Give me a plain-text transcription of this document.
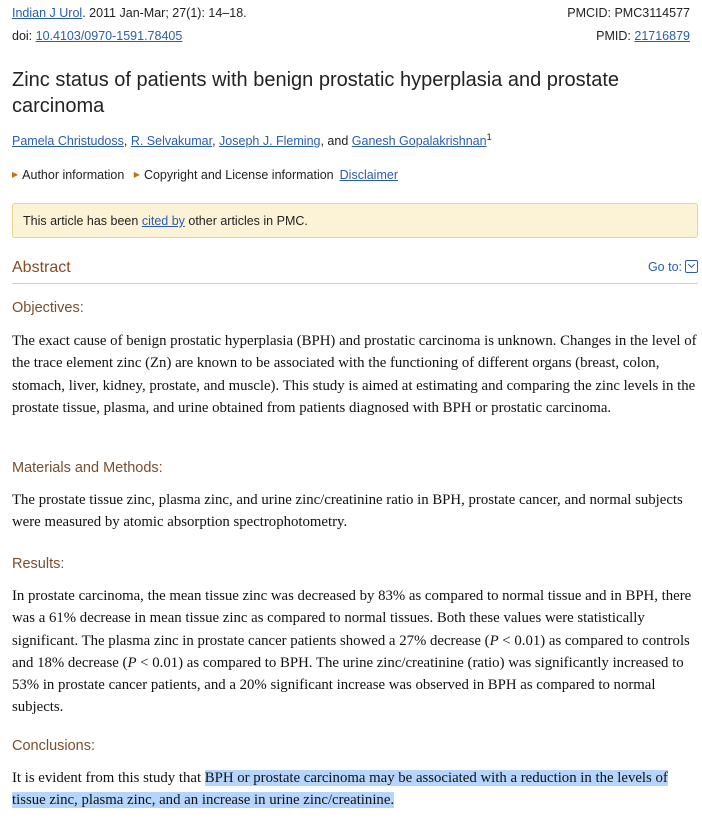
Indian J Urol. 2011 Jan-Mar; 27(1): 14–18.	PMCID: PMC3114577
doi: 10.4103/0970-1591.78405	PMID: 21716879
Zinc status of patients with benign prostatic hyperplasia and prostate carcinoma
Pamela Christudoss, R. Selvakumar, Joseph J. Fleming, and Ganesh Gopalakrishnan$^1$
▶ Author information ▶ Copyright and License information Disclaimer
This article has been cited by other articles in PMC.
Abstract	Go to:
Objectives:

The exact cause of benign prostatic hyperplasia (BPH) and prostatic carcinoma is unknown. Changes in the level of the trace element zinc (Zn) are known to be associated with the functioning of different organs (breast, colon, stomach, liver, kidney, prostate, and muscle). This study is aimed at estimating and comparing the zinc levels in the prostate tissue, plasma, and urine obtained from patients diagnosed with BPH or prostatic carcinoma.

Materials and Methods:

The prostate tissue zinc, plasma zinc, and urine zinc/creatinine ratio in BPH, prostate cancer, and normal subjects were measured by atomic absorption spectrophotometry.

Results:

In prostate carcinoma, the mean tissue zinc was decreased by 83% as compared to normal tissue and in BPH, there was a 61% decrease in mean tissue zinc as compared to normal tissues. Both these values were statistically significant. The plasma zinc in prostate cancer patients showed a 27% decrease (P < 0.01) as compared to controls and 18% decrease (P < 0.01) as compared to BPH. The urine zinc/creatinine (ratio) was significantly increased to 53% in prostate cancer patients, and a 20% significant increase was observed in BPH as compared to normal subjects.

Conclusions:

It is evident from this study that BPH or prostate carcinoma may be associated with a reduction in the levels of tissue zinc, plasma zinc, and an increase in urine zinc/creatinine.
